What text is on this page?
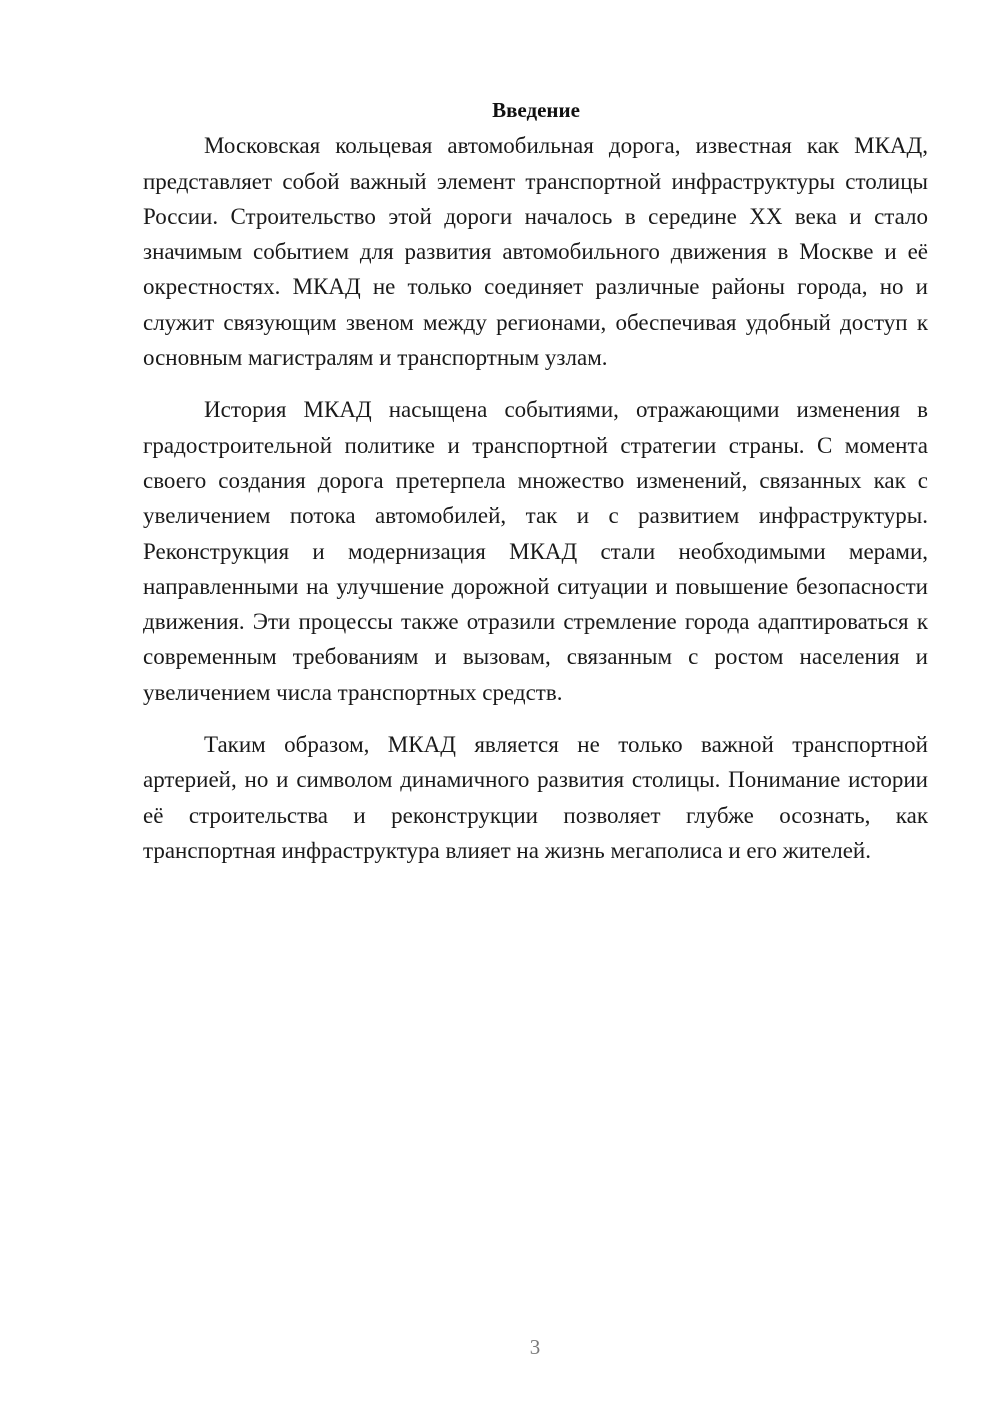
Введение

Московская кольцевая автомобильная дорога, известная как МКАД, представляет собой важный элемент транспортной инфраструктуры столицы России. Строительство этой дороги началось в середине XX века и стало значимым событием для развития автомобильного движения в Москве и её окрестностях. МКАД не только соединяет различные районы города, но и служит связующим звеном между регионами, обеспечивая удобный доступ к основным магистралям и транспортным узлам.

История МКАД насыщена событиями, отражающими изменения в градостроительной политике и транспортной стратегии страны. С момента своего создания дорога претерпела множество изменений, связанных как с увеличением потока автомобилей, так и с развитием инфраструктуры. Реконструкция и модернизация МКАД стали необходимыми мерами, направленными на улучшение дорожной ситуации и повышение безопасности движения. Эти процессы также отразили стремление города адаптироваться к современным требованиям и вызовам, связанным с ростом населения и увеличением числа транспортных средств.

Таким образом, МКАД является не только важной транспортной артерией, но и символом динамичного развития столицы. Понимание истории её строительства и реконструкции позволяет глубже осознать, как транспортная инфраструктура влияет на жизнь мегаполиса и его жителей.

3
